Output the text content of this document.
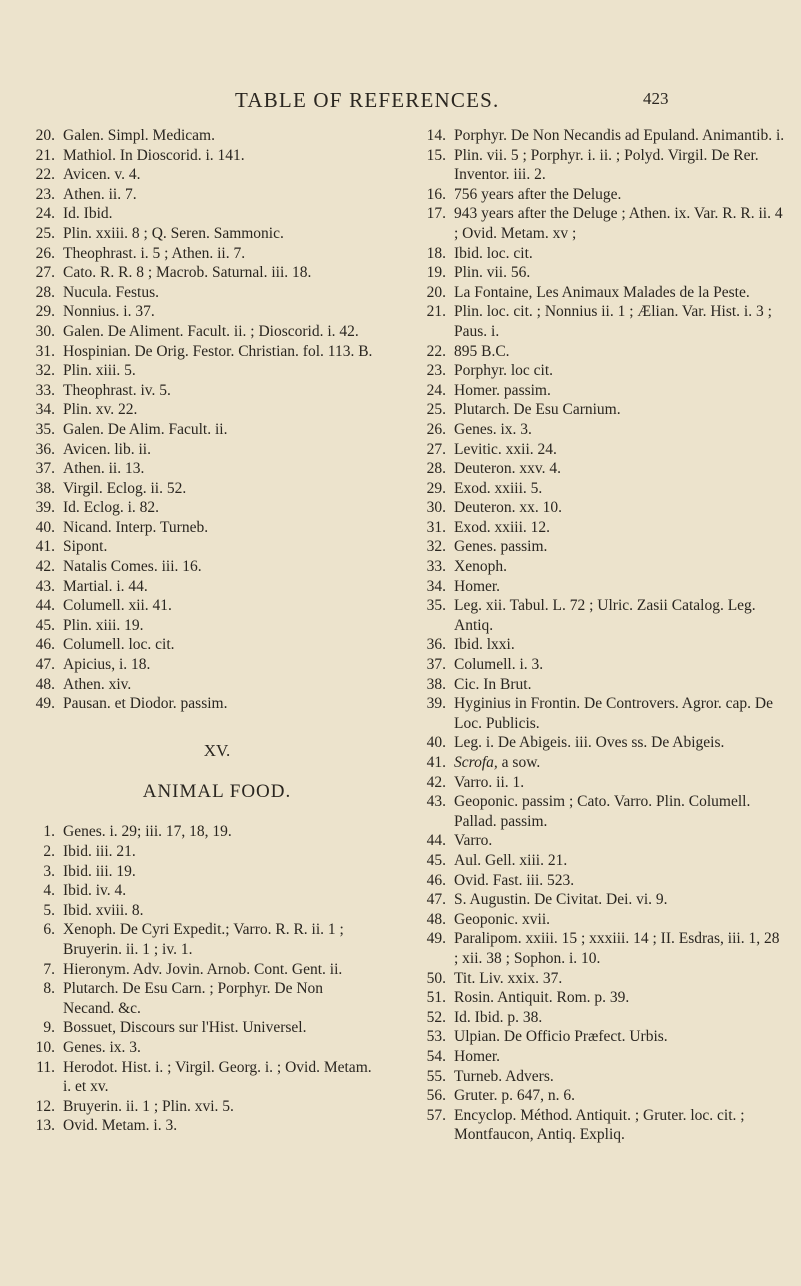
TABLE OF REFERENCES.	423
20. Galen. Simpl. Medicam.
21. Mathiol. In Dioscorid. i. 141.
22. Avicen. v. 4.
23. Athen. ii. 7.
24. Id. Ibid.
25. Plin. xxiii. 8 ; Q. Seren. Sammonic.
26. Theophrast. i. 5 ; Athen. ii. 7.
27. Cato. R. R. 8 ; Macrob. Saturnal. iii. 18.
28. Nucula. Festus.
29. Nonnius. i. 37.
30. Galen. De Aliment. Facult. ii. ; Dioscorid. i. 42.
31. Hospinian. De Orig. Festor. Christian. fol. 113. B.
32. Plin. xiii. 5.
33. Theophrast. iv. 5.
34. Plin. xv. 22.
35. Galen. De Alim. Facult. ii.
36. Avicen. lib. ii.
37. Athen. ii. 13.
38. Virgil. Eclog. ii. 52.
39. Id. Eclog. i. 82.
40. Nicand. Interp. Turneb.
41. Sipont.
42. Natalis Comes. iii. 16.
43. Martial. i. 44.
44. Columell. xii. 41.
45. Plin. xiii. 19.
46. Columell. loc. cit.
47. Apicius, i. 18.
48. Athen. xiv.
49. Pausan. et Diodor. passim.
XV.
ANIMAL FOOD.
1. Genes. i. 29; iii. 17, 18, 19.
2. Ibid. iii. 21.
3. Ibid. iii. 19.
4. Ibid. iv. 4.
5. Ibid. xviii. 8.
6. Xenoph. De Cyri Expedit.; Varro. R. R. ii. 1 ; Bruyerin. ii. 1 ; iv. 1.
7. Hieronym. Adv. Jovin. Arnob. Cont. Gent. ii.
8. Plutarch. De Esu Carn. ; Porphyr. De Non Necand. &c.
9. Bossuet, Discours sur l'Hist. Universel.
10. Genes. ix. 3.
11. Herodot. Hist. i. ; Virgil. Georg. i. ; Ovid. Metam. i. et xv.
12. Bruyerin. ii. 1 ; Plin. xvi. 5.
13. Ovid. Metam. i. 3.
14. Porphyr. De Non Necandis ad Epuland. Animantib. i.
15. Plin. vii. 5 ; Porphyr. i. ii. ; Polyd. Virgil. De Rer. Inventor. iii. 2.
16. 756 years after the Deluge.
17. 943 years after the Deluge ; Athen. ix. Var. R. R. ii. 4 ; Ovid. Metam. xv ;
18. Ibid. loc. cit.
19. Plin. vii. 56.
20. La Fontaine, Les Animaux Malades de la Peste.
21. Plin. loc. cit. ; Nonnius ii. 1 ; Ælian. Var. Hist. i. 3 ; Paus. i.
22. 895 B.C.
23. Porphyr. loc cit.
24. Homer. passim.
25. Plutarch. De Esu Carnium.
26. Genes. ix. 3.
27. Levitic. xxii. 24.
28. Deuteron. xxv. 4.
29. Exod. xxiii. 5.
30. Deuteron. xx. 10.
31. Exod. xxiii. 12.
32. Genes. passim.
33. Xenoph.
34. Homer.
35. Leg. xii. Tabul. L. 72 ; Ulric. Zasii Catalog. Leg. Antiq.
36. Ibid. lxxi.
37. Columell. i. 3.
38. Cic. In Brut.
39. Hyginius in Frontin. De Controvers. Agror. cap. De Loc. Publicis.
40. Leg. i. De Abigeis. iii. Oves ss. De Abigeis.
41. Scrofa, a sow.
42. Varro. ii. 1.
43. Geoponic. passim ; Cato. Varro. Plin. Columell. Pallad. passim.
44. Varro.
45. Aul. Gell. xiii. 21.
46. Ovid. Fast. iii. 523.
47. S. Augustin. De Civitat. Dei. vi. 9.
48. Geoponic. xvii.
49. Paralipom. xxiii. 15 ; xxxiii. 14 ; II. Esdras, iii. 1, 28 ; xii. 38 ; Sophon. i. 10.
50. Tit. Liv. xxix. 37.
51. Rosin. Antiquit. Rom. p. 39.
52. Id. Ibid. p. 38.
53. Ulpian. De Officio Præfect. Urbis.
54. Homer.
55. Turneb. Advers.
56. Gruter. p. 647, n. 6.
57. Encyclop. Méthod. Antiquit. ; Gruter. loc. cit. ; Montfaucon, Antiq. Expliq.
